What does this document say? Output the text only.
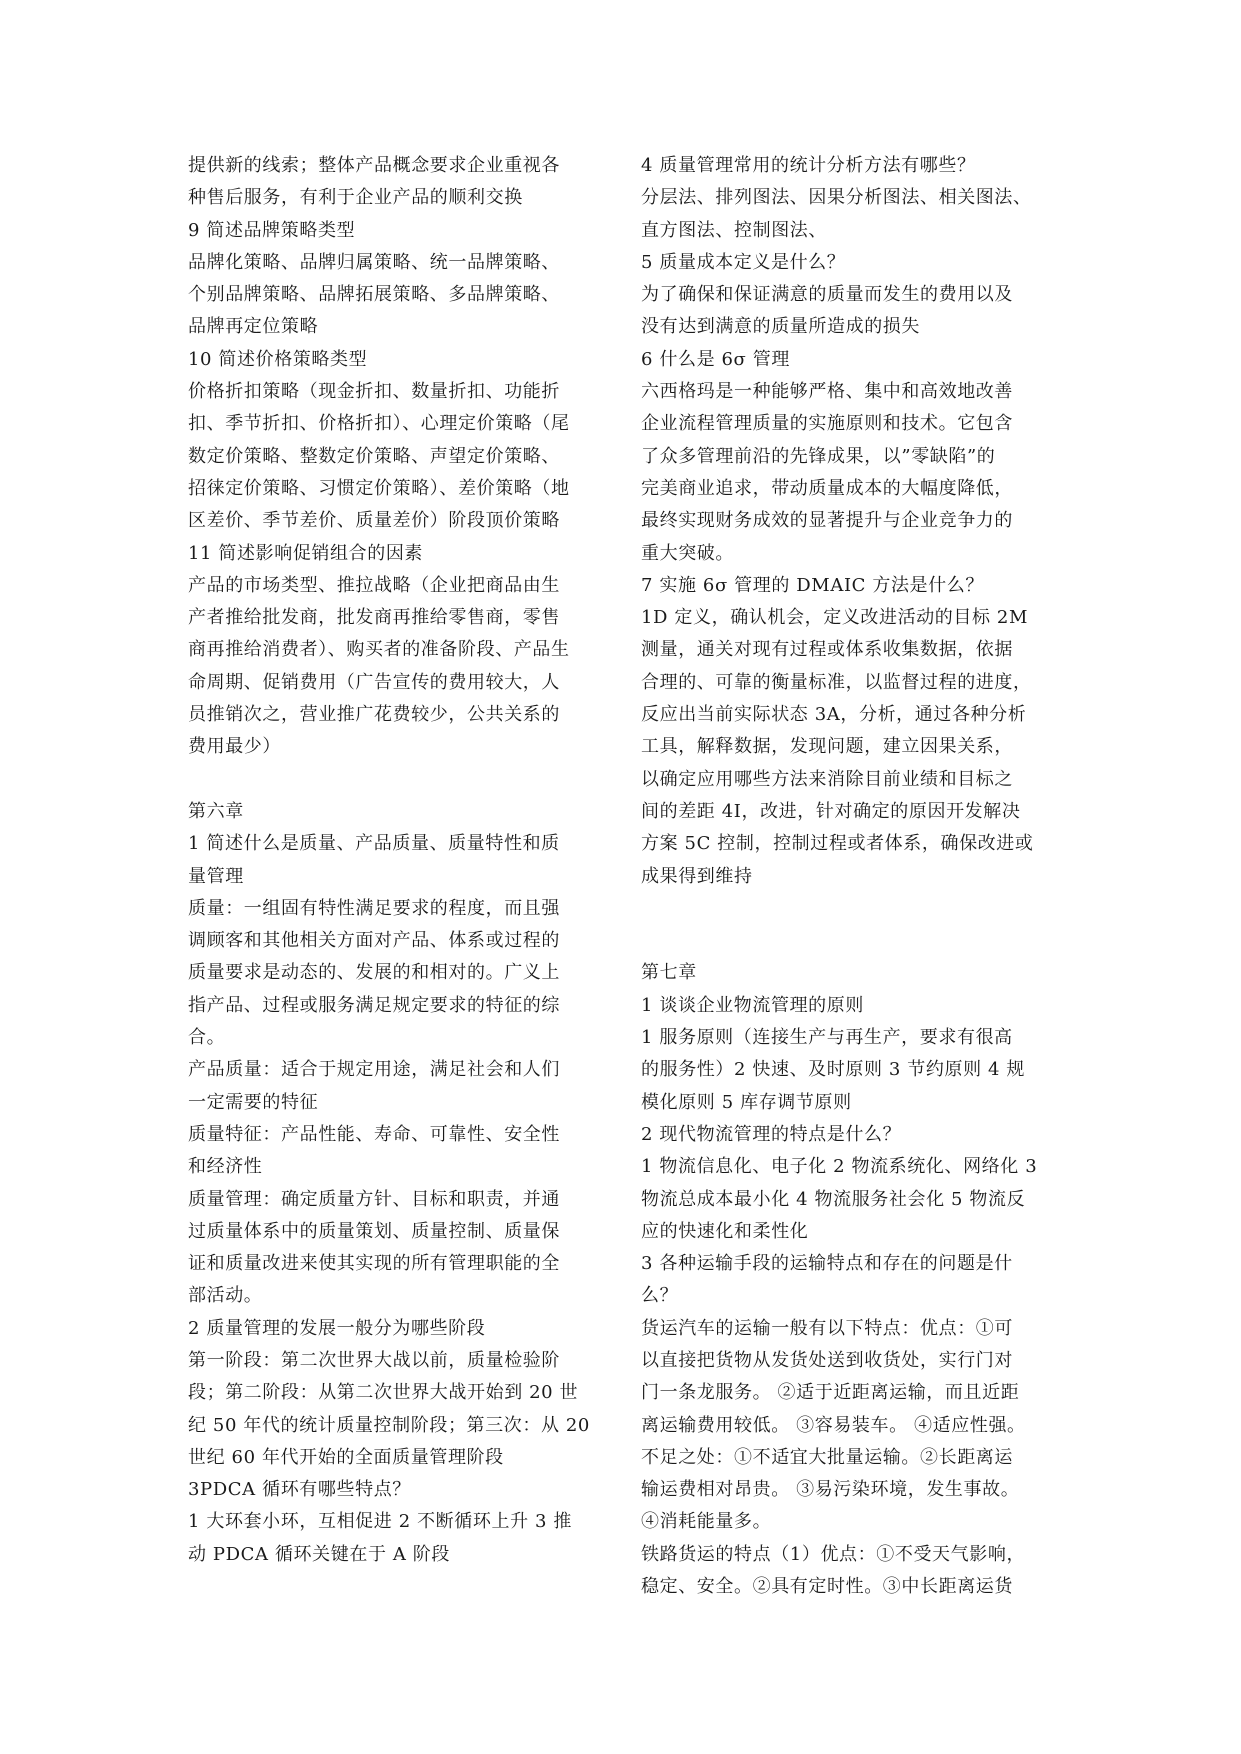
提供新的线索；整体产品概念要求企业重视各
种售后服务，有利于企业产品的顺利交换
9 简述品牌策略类型
品牌化策略、品牌归属策略、统一品牌策略、
个别品牌策略、品牌拓展策略、多品牌策略、
品牌再定位策略
10 简述价格策略类型
价格折扣策略（现金折扣、数量折扣、功能折
扣、季节折扣、价格折扣）、心理定价策略（尾
数定价策略、整数定价策略、声望定价策略、
招徕定价策略、习惯定价策略）、差价策略（地
区差价、季节差价、质量差价）阶段顶价策略
11 简述影响促销组合的因素
产品的市场类型、推拉战略（企业把商品由生
产者推给批发商，批发商再推给零售商，零售
商再推给消费者）、购买者的准备阶段、产品生
命周期、促销费用（广告宣传的费用较大，人
员推销次之，营业推广花费较少，公共关系的
费用最少）
第六章
1 简述什么是质量、产品质量、质量特性和质
量管理
质量：一组固有特性满足要求的程度，而且强
调顾客和其他相关方面对产品、体系或过程的
质量要求是动态的、发展的和相对的。广义上
指产品、过程或服务满足规定要求的特征的综
合。
产品质量：适合于规定用途，满足社会和人们
一定需要的特征
质量特征：产品性能、寿命、可靠性、安全性
和经济性
质量管理：确定质量方针、目标和职责，并通
过质量体系中的质量策划、质量控制、质量保
证和质量改进来使其实现的所有管理职能的全
部活动。
2 质量管理的发展一般分为哪些阶段
第一阶段：第二次世界大战以前，质量检验阶
段；第二阶段：从第二次世界大战开始到 20 世
纪 50 年代的统计质量控制阶段；第三次：从 20
世纪 60 年代开始的全面质量管理阶段
3PDCA 循环有哪些特点？
1 大环套小环，互相促进 2 不断循环上升 3 推
动 PDCA 循环关键在于 A 阶段
4 质量管理常用的统计分析方法有哪些？
分层法、排列图法、因果分析图法、相关图法、
直方图法、控制图法、
5 质量成本定义是什么？
为了确保和保证满意的质量而发生的费用以及
没有达到满意的质量所造成的损失
6 什么是 6σ 管理
六西格玛是一种能够严格、集中和高效地改善
企业流程管理质量的实施原则和技术。它包含
了众多管理前沿的先锋成果，以”零缺陷”的
完美商业追求，带动质量成本的大幅度降低，
最终实现财务成效的显著提升与企业竞争力的
重大突破。
7 实施 6σ 管理的 DMAIC 方法是什么？
1D 定义，确认机会，定义改进活动的目标 2M
测量，通关对现有过程或体系收集数据，依据
合理的、可靠的衡量标准，以监督过程的进度，
反应出当前实际状态 3A，分析，通过各种分析
工具，解释数据，发现问题，建立因果关系，
以确定应用哪些方法来消除目前业绩和目标之
间的差距 4I，改进，针对确定的原因开发解决
方案 5C 控制，控制过程或者体系，确保改进或
成果得到维持
第七章
1 谈谈企业物流管理的原则
1 服务原则（连接生产与再生产，要求有很高
的服务性）2 快速、及时原则 3 节约原则 4 规
模化原则 5 库存调节原则
2 现代物流管理的特点是什么？
1 物流信息化、电子化 2 物流系统化、网络化 3
物流总成本最小化 4 物流服务社会化 5 物流反
应的快速化和柔性化
3 各种运输手段的运输特点和存在的问题是什
么？
货运汽车的运输一般有以下特点：优点：①可
以直接把货物从发货处送到收货处，实行门对
门一条龙服务。 ②适于近距离运输，而且近距
离运输费用较低。 ③容易装车。 ④适应性强。
不足之处：①不适宜大批量运输。②长距离运
输运费相对昂贵。 ③易污染环境，发生事故。
④消耗能量多。
铁路货运的特点（1）优点：①不受天气影响，
稳定、安全。②具有定时性。③中长距离运货
